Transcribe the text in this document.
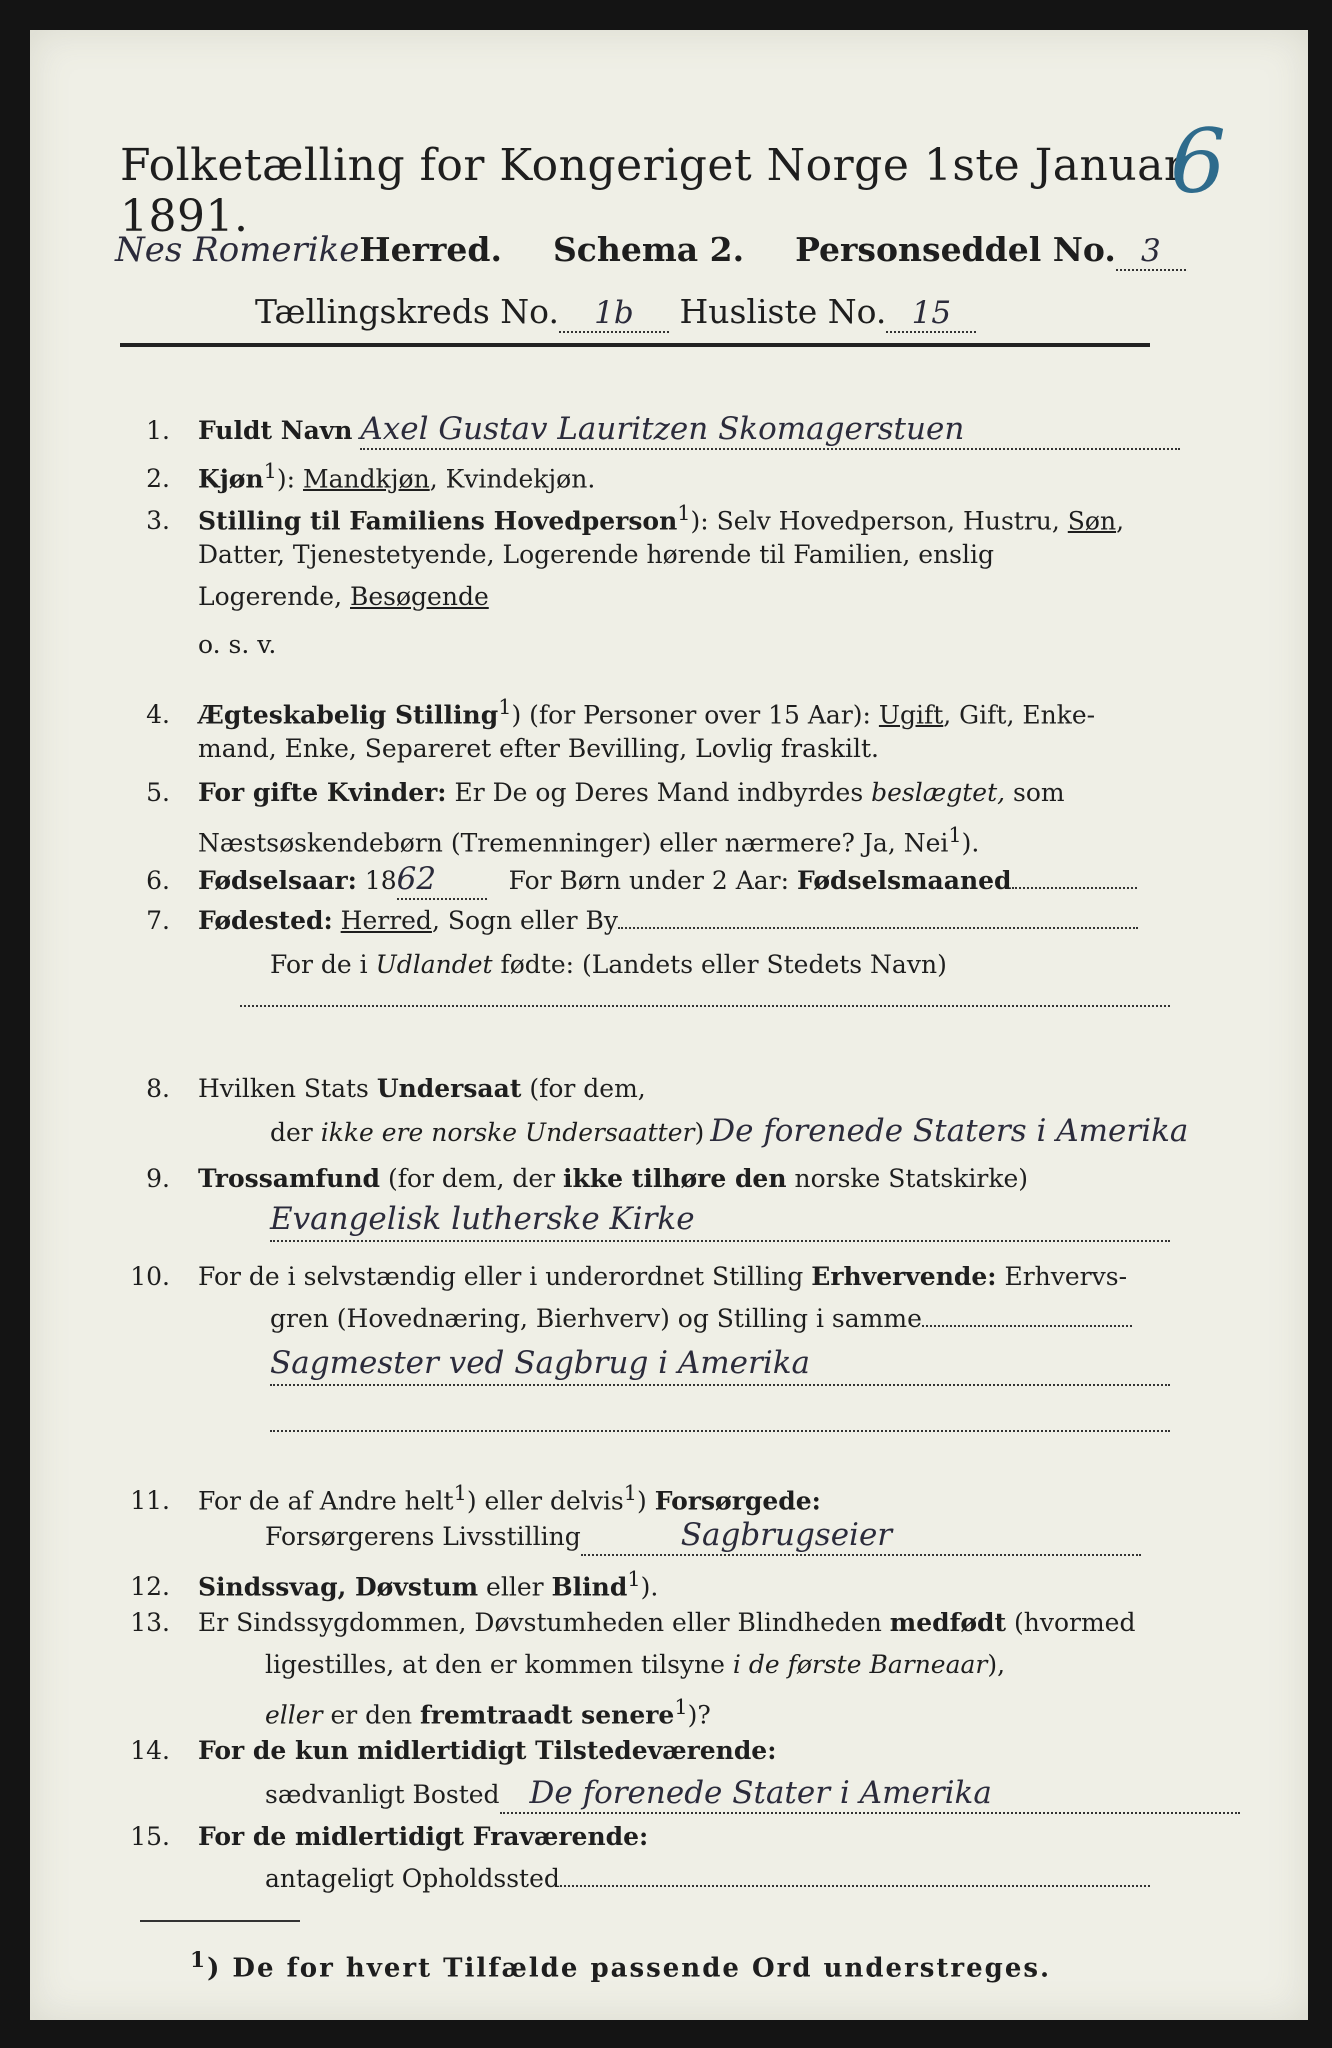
Folketælling for Kongeriget Norge 1ste Januar 1891.
6
Nes RomerikeHerred. Schema 2. Personseddel No. 3
Tællingskreds No. 1b Husliste No. 15
1. Fuldt Navn Axel Gustav Lauritzen Skomagerstuen
2. Kjøn$^1$): Mandkjøn, Kvindekjøn.
3. Stilling til Familiens Hovedperson$^1$): Selv Hovedperson, Hustru, Søn,
Datter, Tjenestetyende, Logerende hørende til Familien, enslig
Logerende, Besøgende
o. s. v.
4. Ægteskabelig Stilling$^1$) (for Personer over 15 Aar): Ugift, Gift, Enke-
mand, Enke, Separeret efter Bevilling, Lovlig fraskilt.
5. For gifte Kvinder: Er De og Deres Mand indbyrdes beslægtet, som
Næstsøskendebørn (Tremenninger) eller nærmere? Ja, Nei$^1$).
6. Fødselsaar: 1862	For Børn under 2 Aar: Fødselsmaaned
7. Fødested: Herred, Sogn eller By
For de i Udlandet fødte: (Landets eller Stedets Navn)
8. Hvilken Stats Undersaat (for dem,
der ikke ere norske Undersaatter) De forenede Staters i Amerika
9. Trossamfund (for dem, der ikke tilhøre den norske Statskirke)
Evangelisk lutherske Kirke
10. For de i selvstændig eller i underordnet Stilling Erhvervende: Erhvervs-
gren (Hovednæring, Bierhverv) og Stilling i samme
Sagmester ved Sagbrug i Amerika
11. For de af Andre helt$^1$) eller delvis$^1$) Forsørgede:
Forsørgerens Livsstilling	Sagbrugseier
12. Sindssvag, Døvstum eller Blind$^1$).
13. Er Sindssygdommen, Døvstumheden eller Blindheden medfødt (hvormed
ligestilles, at den er kommen tilsyne i de første Barneaar),
eller er den fremtraadt senere$^1$)?
14. For de kun midlertidigt Tilstedeværende:
sædvanligt Bosted De forenede Stater i Amerika
15. For de midlertidigt Fraværende:
antageligt Opholdssted
$^1$) De for hvert Tilfælde passende Ord understreges.
